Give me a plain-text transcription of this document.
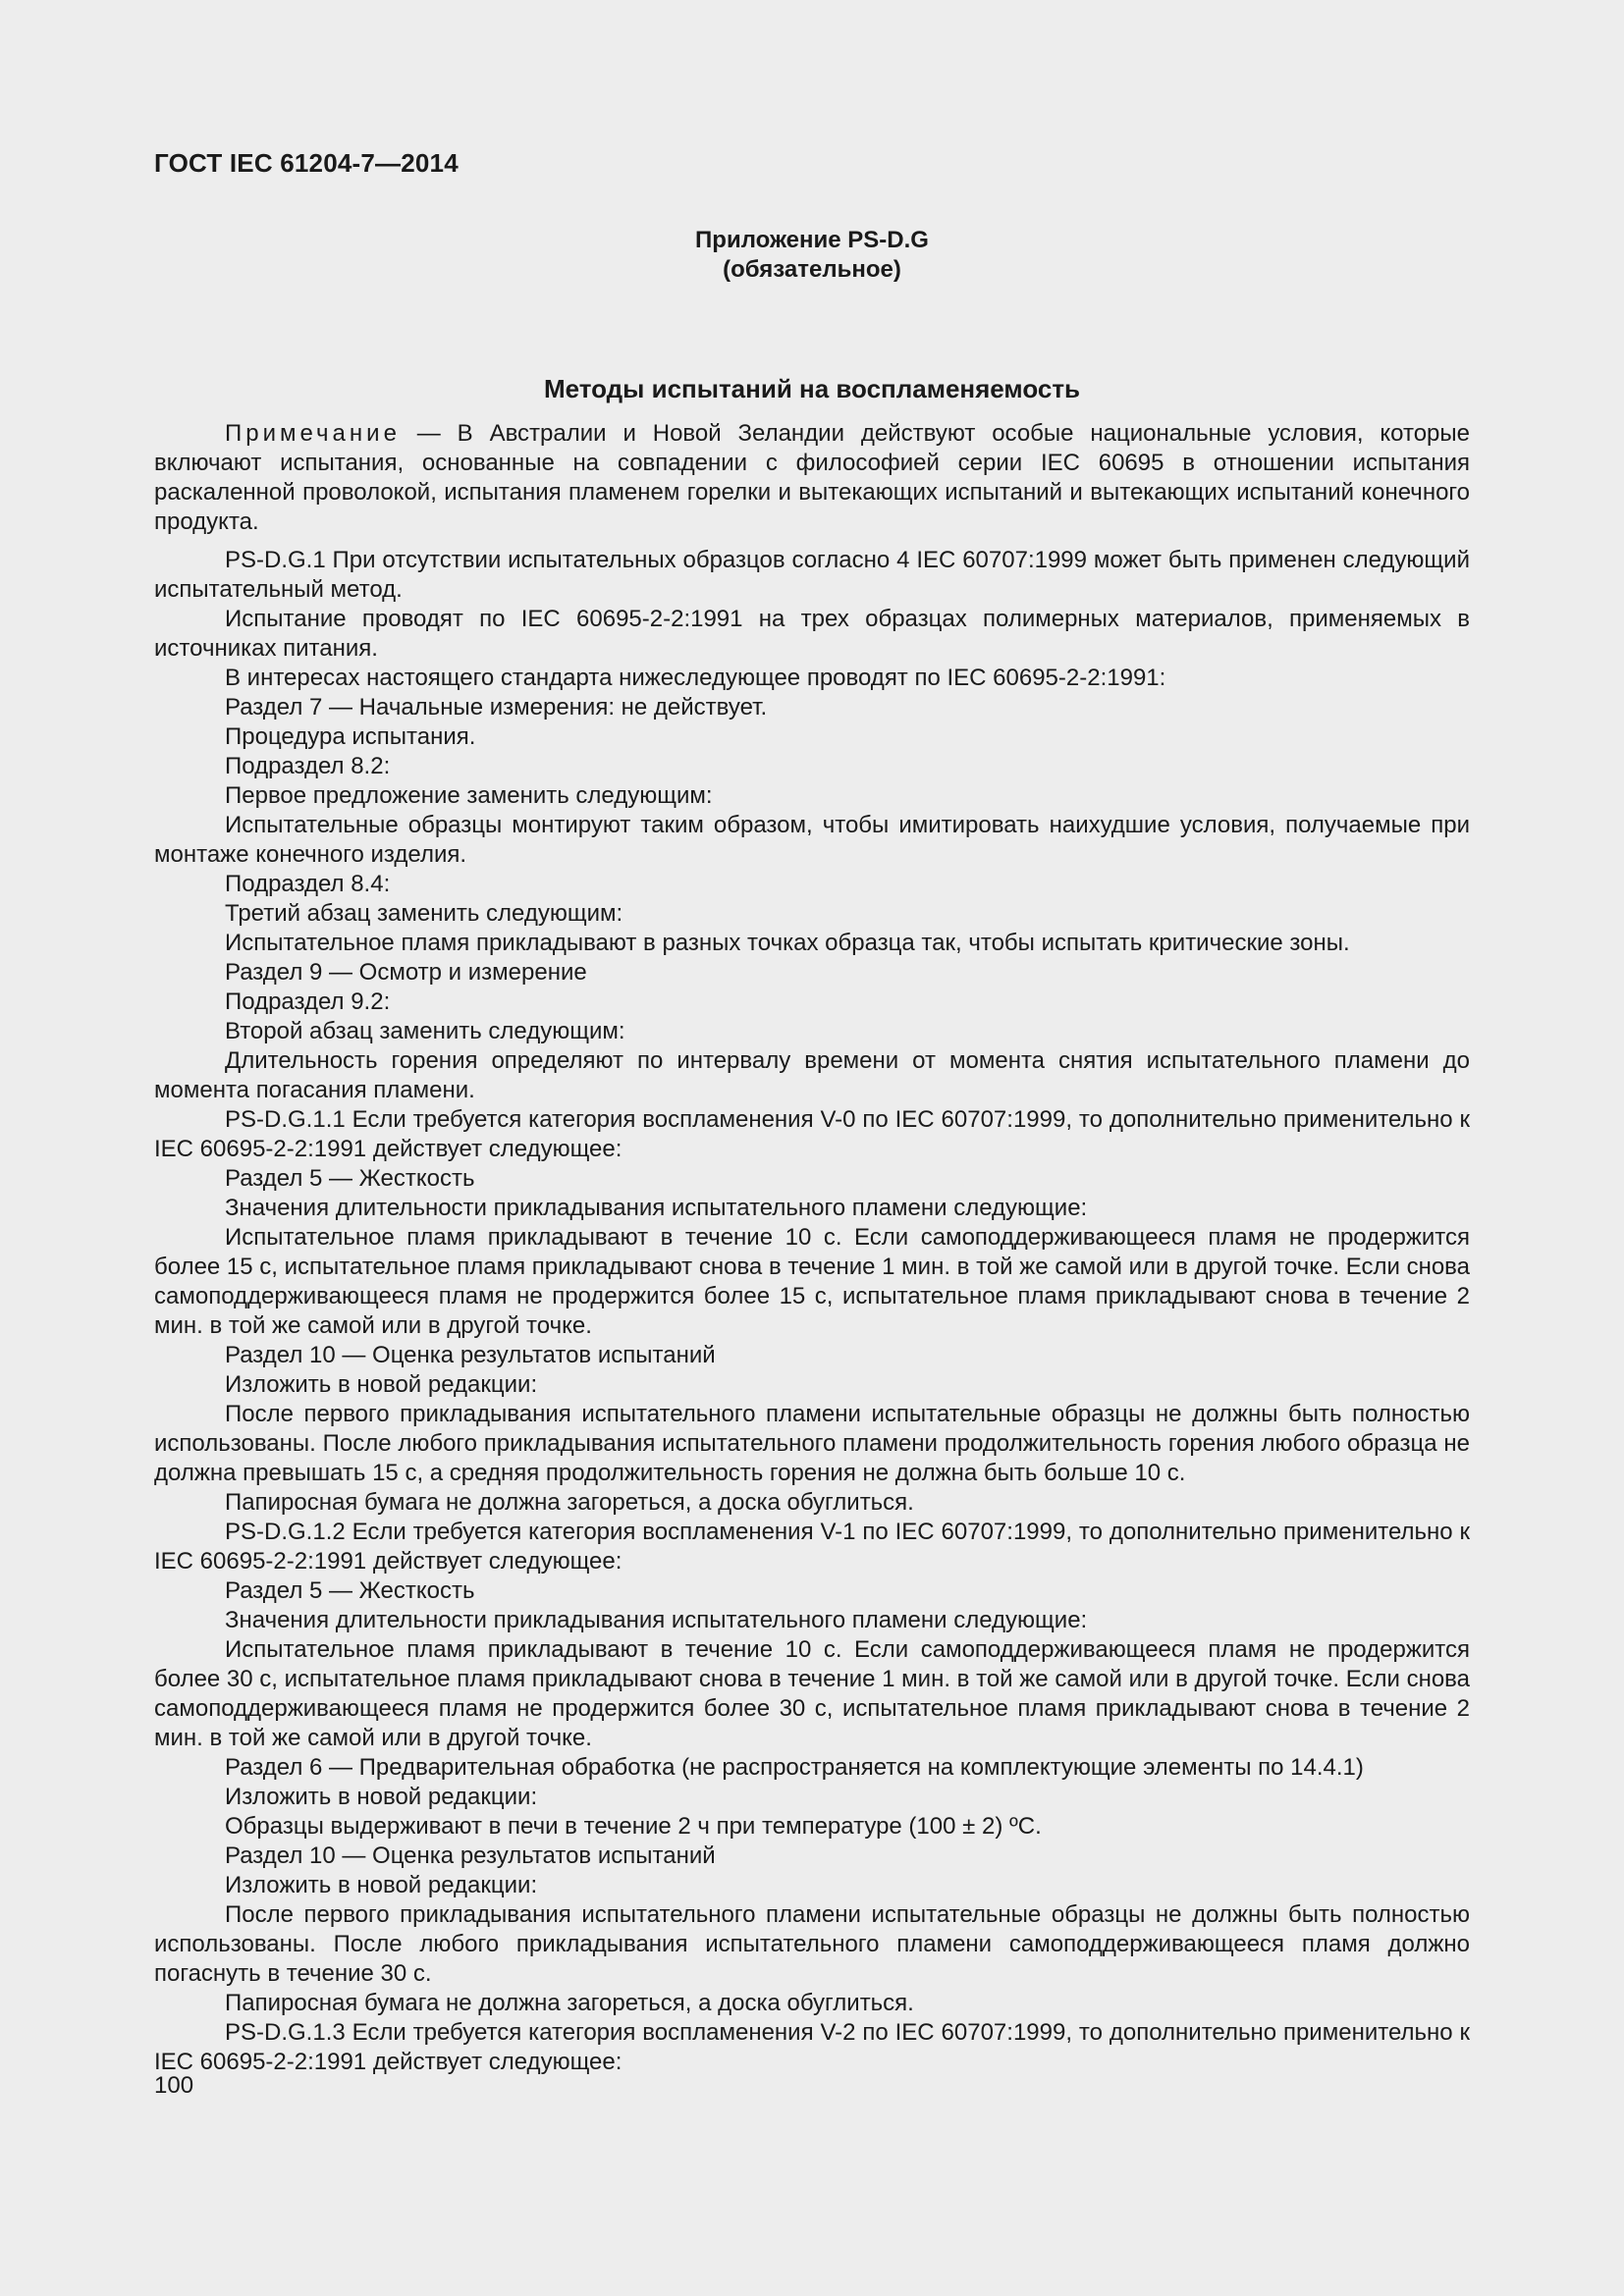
ГОСТ IEC 61204-7—2014
Приложение PS-D.G
(обязательное)
Методы испытаний на воспламеняемость

Примечание — В Австралии и Новой Зеландии действуют особые национальные условия, которые включают испытания, основанные на совпадении с философией серии IEC 60695 в отношении испытания раскаленной проволокой, испытания пламенем горелки и вытекающих испытаний и вытекающих испытаний конечного продукта.

PS-D.G.1 При отсутствии испытательных образцов согласно 4 IEC 60707:1999 может быть применен следующий испытательный метод.

Испытание проводят по IEC 60695-2-2:1991 на трех образцах полимерных материалов, применяемых в источниках питания.

В интересах настоящего стандарта нижеследующее проводят по IEC 60695-2-2:1991:

Раздел 7 — Начальные измерения: не действует.

Процедура испытания.

Подраздел 8.2:

Первое предложение заменить следующим:

Испытательные образцы монтируют таким образом, чтобы имитировать наихудшие условия, получаемые при монтаже конечного изделия.

Подраздел 8.4:

Третий абзац заменить следующим:

Испытательное пламя прикладывают в разных точках образца так, чтобы испытать критические зоны.

Раздел 9 — Осмотр и измерение

Подраздел 9.2:

Второй абзац заменить следующим:

Длительность горения определяют по интервалу времени от момента снятия испытательного пламени до момента погасания пламени.

PS-D.G.1.1 Если требуется категория воспламенения V-0 по IEC 60707:1999, то дополнительно применительно к IEC 60695-2-2:1991 действует следующее:

Раздел 5 — Жесткость

Значения длительности прикладывания испытательного пламени следующие:

Испытательное пламя прикладывают в течение 10 с. Если самоподдерживающееся пламя не продержится более 15 с, испытательное пламя прикладывают снова в течение 1 мин. в той же самой или в другой точке. Если снова самоподдерживающееся пламя не продержится более 15 с, испытательное пламя прикладывают снова в течение 2 мин. в той же самой или в другой точке.

Раздел 10 — Оценка результатов испытаний

Изложить в новой редакции:

После первого прикладывания испытательного пламени испытательные образцы не должны быть полностью использованы. После любого прикладывания испытательного пламени продолжительность горения любого образца не должна превышать 15 с, а средняя продолжительность горения не должна быть больше 10 с.

Папиросная бумага не должна загореться, а доска обуглиться.

PS-D.G.1.2 Если требуется категория воспламенения V-1 по IEC 60707:1999, то дополнительно применительно к IEC 60695-2-2:1991 действует следующее:

Раздел 5 — Жесткость

Значения длительности прикладывания испытательного пламени следующие:

Испытательное пламя прикладывают в течение 10 с. Если самоподдерживающееся пламя не продержится более 30 с, испытательное пламя прикладывают снова в течение 1 мин. в той же самой или в другой точке. Если снова самоподдерживающееся пламя не продержится более 30 с, испытательное пламя прикладывают снова в течение 2 мин. в той же самой или в другой точке.

Раздел 6 — Предварительная обработка (не распространяется на комплектующие элементы по 14.4.1)

Изложить в новой редакции:

Образцы выдерживают в печи в течение 2 ч при температуре (100 ± 2) ºС.

Раздел 10 — Оценка результатов испытаний

Изложить в новой редакции:

После первого прикладывания испытательного пламени испытательные образцы не должны быть полностью использованы. После любого прикладывания испытательного пламени самоподдерживающееся пламя должно погаснуть в течение 30 с.

Папиросная бумага не должна загореться, а доска обуглиться.

PS-D.G.1.3 Если требуется категория воспламенения V-2 по IEC 60707:1999, то дополнительно применительно к IEC 60695-2-2:1991 действует следующее:

100
